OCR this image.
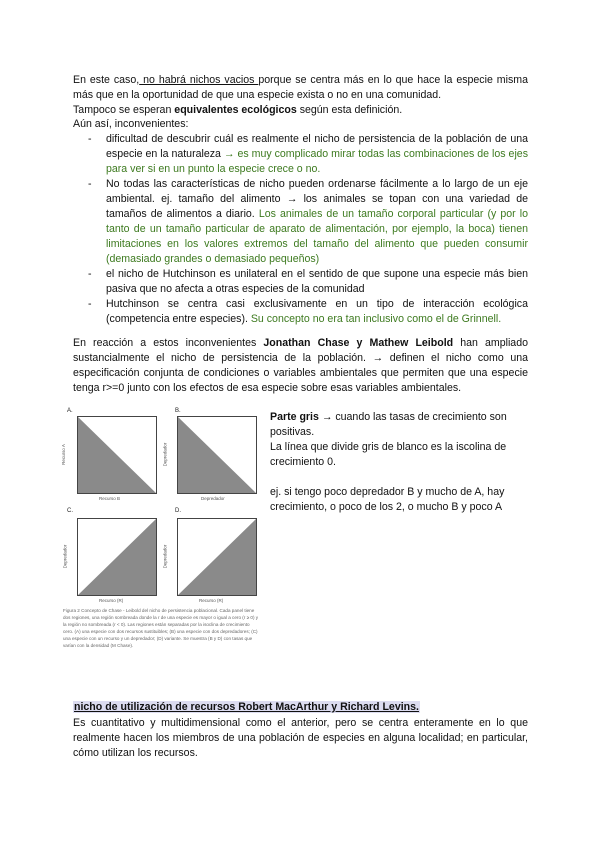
En este caso, no habrá nichos vacios porque se centra más en lo que hace la especie misma más que en la oportunidad de que una especie exista o no en una comunidad.
Tampoco se esperan equivalentes ecológicos según esta definición.
Aún así, inconvenientes:
- dificultad de descubrir cuál es realmente el nicho de persistencia de la población de una especie en la naturaleza → es muy complicado mirar todas las combinaciones de los ejes para ver si en un punto la especie crece o no.
- No todas las características de nicho pueden ordenarse fácilmente a lo largo de un eje ambiental. ej. tamaño del alimento → los animales se topan con una variedad de tamaños de alimentos a diario. Los animales de un tamaño corporal particular (y por lo tanto de un tamaño particular de aparato de alimentación, por ejemplo, la boca) tienen limitaciones en los valores extremos del tamaño del alimento que pueden consumir (demasiado grandes o demasiado pequeños)
- el nicho de Hutchinson es unilateral en el sentido de que supone una especie más bien pasiva que no afecta a otras especies de la comunidad
- Hutchinson se centra casi exclusivamente en un tipo de interacción ecológica (competencia entre especies). Su concepto no era tan inclusivo como el de Grinnell.
En reacción a estos inconvenientes Jonathan Chase y Mathew Leibold han ampliado sustancialmente el nicho de persistencia de la población. → definen el nicho como una especificación conjunta de condiciones o variables ambientales que permiten que una especie tenga r>=0 junto con los efectos de esa especie sobre esas variables ambientales.
A.	B.
C.	D.
Recurso A
Recurso B
Depredador
Depredador
Depredador
Recurso (R)
Depredador
Recurso (R)
Figura 2 Concepto de Chase - Leibold del nicho de persistencia poblacional. Cada panel tiene dos regiones, una región sombreada donde la r de una especie es mayor o igual a cero (r ≥ 0) y la región no sombreada (r < 0). Las regiones están separadas por la isoclina de crecimiento cero. (A) una especie con dos recursos sustituibles; (B) una especie con dos depredadores; (C) una especie con un recurso y un depredador; (D) variante. Se muestra (B y D) con tasas que varían con la densidad (M Chase).
Parte gris → cuando las tasas de crecimiento son positivas.
La línea que divide gris de blanco es la iscolina de crecimiento 0.
ej. si tengo poco depredador B y mucho de A, hay crecimiento, o poco de los 2, o mucho B y poco A
nicho de utilización de recursos Robert MacArthur y Richard Levins.
Es cuantitativo y multidimensional como el anterior, pero se centra enteramente en lo que realmente hacen los miembros de una población de especies en alguna localidad; en particular, cómo utilizan los recursos.
